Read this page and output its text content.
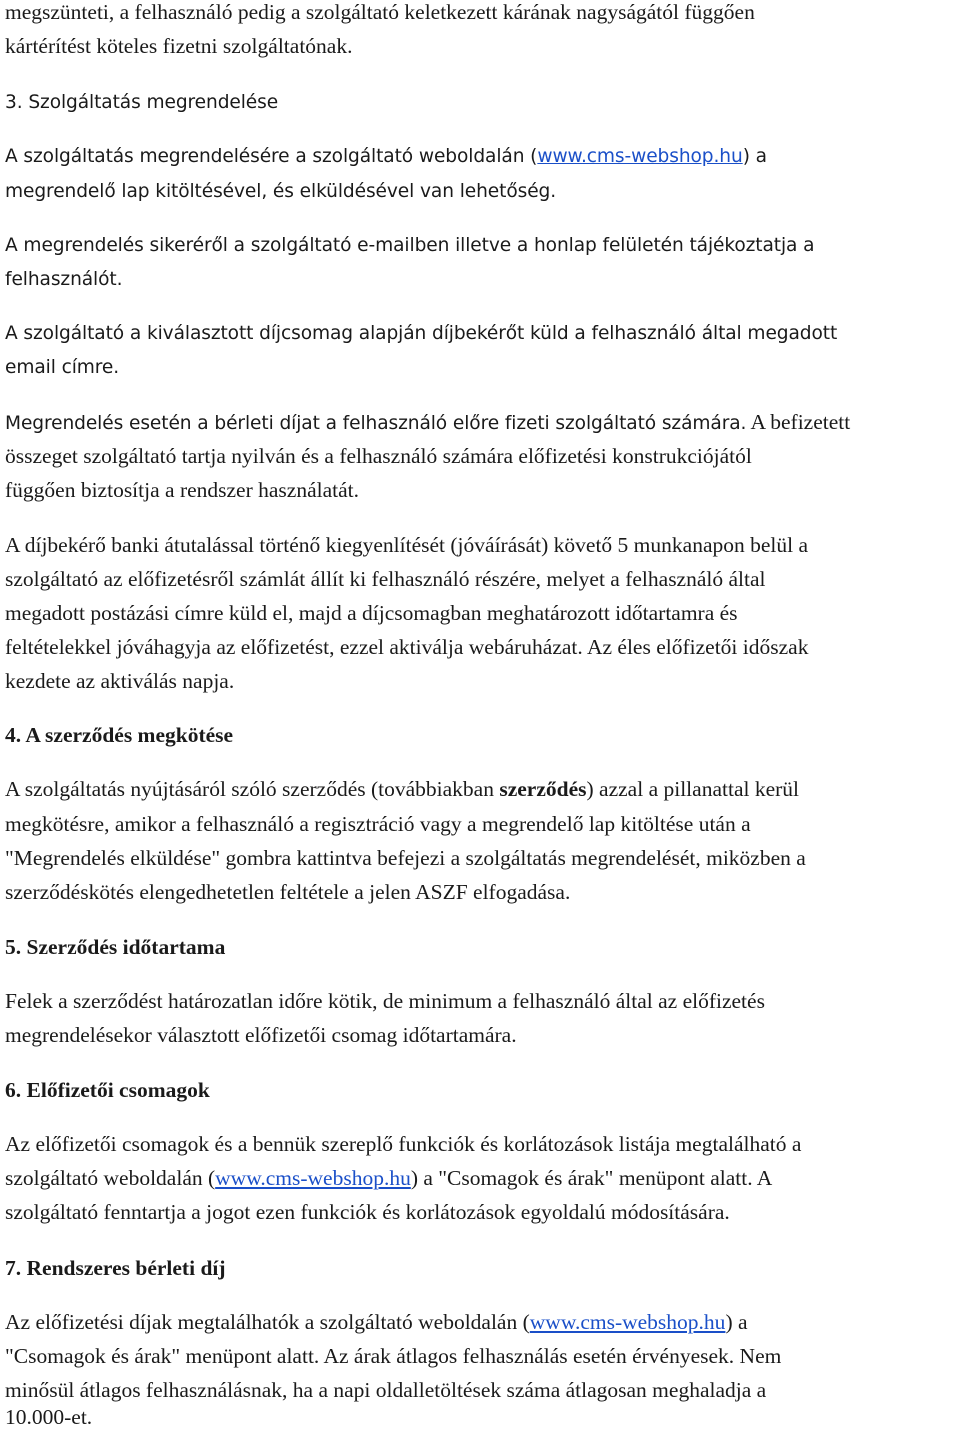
megszünteti, a felhasználó pedig a szolgáltató keletkezett kárának nagyságától függően
kártérítést köteles fizetni szolgáltatónak.
3. Szolgáltatás megrendelése
A szolgáltatás megrendelésére a szolgáltató weboldalán (www.cms-webshop.hu) a
megrendelő lap kitöltésével, és elküldésével van lehetőség.
A megrendelés sikeréről a szolgáltató e-mailben illetve a honlap felületén tájékoztatja a
felhasználót.
A szolgáltató a kiválasztott díjcsomag alapján díjbekérőt küld a felhasználó által megadott
email címre.
Megrendelés esetén a bérleti díjat a felhasználó előre fizeti szolgáltató számára. A befizetett
összeget szolgáltató tartja nyilván és a felhasználó számára előfizetési konstrukciójától
függően biztosítja a rendszer használatát.
A díjbekérő banki átutalással történő kiegyenlítését (jóváírását) követő 5 munkanapon belül a
szolgáltató az előfizetésről számlát állít ki felhasználó részére, melyet a felhasználó által
megadott postázási címre küld el, majd a díjcsomagban meghatározott időtartamra és
feltételekkel jóváhagyja az előfizetést, ezzel aktiválja webáruházat. Az éles előfizetői időszak
kezdete az aktiválás napja.
4. A szerződés megkötése
A szolgáltatás nyújtásáról szóló szerződés (továbbiakban szerződés) azzal a pillanattal kerül
megkötésre, amikor a felhasználó a regisztráció vagy a megrendelő lap kitöltése után a
"Megrendelés elküldése" gombra kattintva befejezi a szolgáltatás megrendelését, miközben a
szerződéskötés elengedhetetlen feltétele a jelen ASZF elfogadása.
5. Szerződés időtartama
Felek a szerződést határozatlan időre kötik, de minimum a felhasználó által az előfizetés
megrendelésekor választott előfizetői csomag időtartamára.
6. Előfizetői csomagok
Az előfizetői csomagok és a bennük szereplő funkciók és korlátozások listája megtalálható a
szolgáltató weboldalán (www.cms-webshop.hu) a "Csomagok és árak" menüpont alatt. A
szolgáltató fenntartja a jogot ezen funkciók és korlátozások egyoldalú módosítására.
7. Rendszeres bérleti díj
Az előfizetési díjak megtalálhatók a szolgáltató weboldalán (www.cms-webshop.hu) a
"Csomagok és árak" menüpont alatt. Az árak átlagos felhasználás esetén érvényesek. Nem
minősül átlagos felhasználásnak, ha a napi oldalletöltések száma átlagosan meghaladja a
10.000-et.
